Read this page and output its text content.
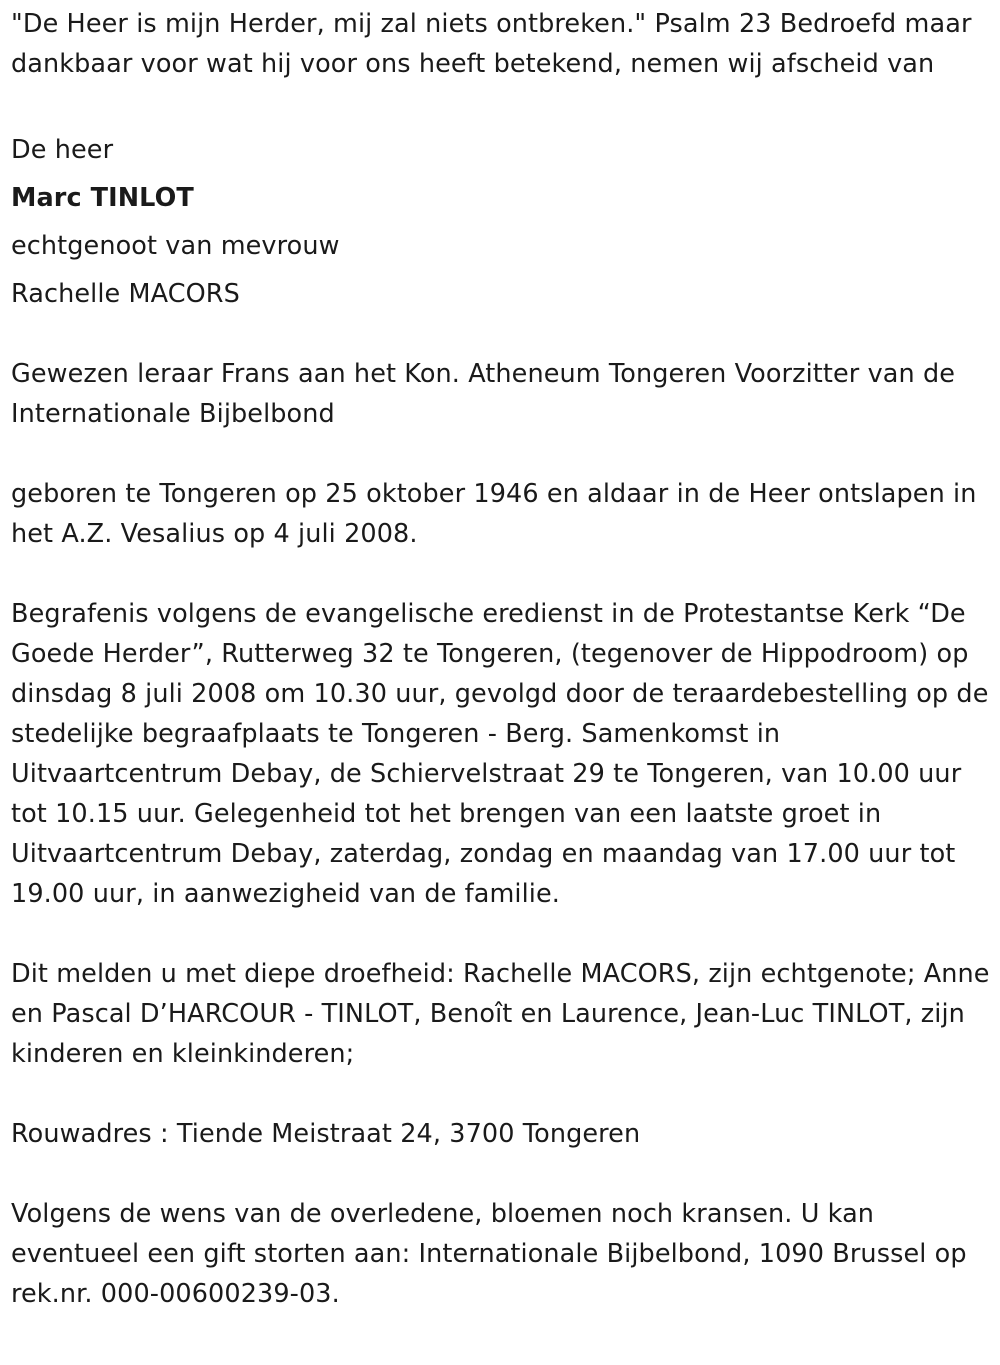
"De Heer is mijn Herder, mij zal niets ontbreken." Psalm 23 Bedroefd maar dankbaar voor wat hij voor ons heeft betekend, nemen wij afscheid van

De heer

Marc TINLOT

echtgenoot van mevrouw

Rachelle MACORS

Gewezen leraar Frans aan het Kon. Atheneum Tongeren Voorzitter van de Internationale Bijbelbond

geboren te Tongeren op 25 oktober 1946 en aldaar in de Heer ontslapen in het A.Z. Vesalius op 4 juli 2008.

Begrafenis volgens de evangelische eredienst in de Protestantse Kerk “De Goede Herder”, Rutterweg 32 te Tongeren, (tegenover de Hippodroom) op dinsdag 8 juli 2008 om 10.30 uur, gevolgd door de teraardebestelling op de stedelijke begraafplaats te Tongeren - Berg. Samenkomst in Uitvaartcentrum Debay, de Schiervelstraat 29 te Tongeren, van 10.00 uur tot 10.15 uur. Gelegenheid tot het brengen van een laatste groet in Uitvaartcentrum Debay, zaterdag, zondag en maandag van 17.00 uur tot 19.00 uur, in aanwezigheid van de familie.

Dit melden u met diepe droefheid: Rachelle MACORS, zijn echtgenote; Anne en Pascal D’HARCOUR - TINLOT, Benoît en Laurence, Jean-Luc TINLOT, zijn kinderen en kleinkinderen;

Rouwadres : Tiende Meistraat 24, 3700 Tongeren

Volgens de wens van de overledene, bloemen noch kransen. U kan eventueel een gift storten aan: Internationale Bijbelbond, 1090 Brussel op rek.nr. 000-00600239-03.
